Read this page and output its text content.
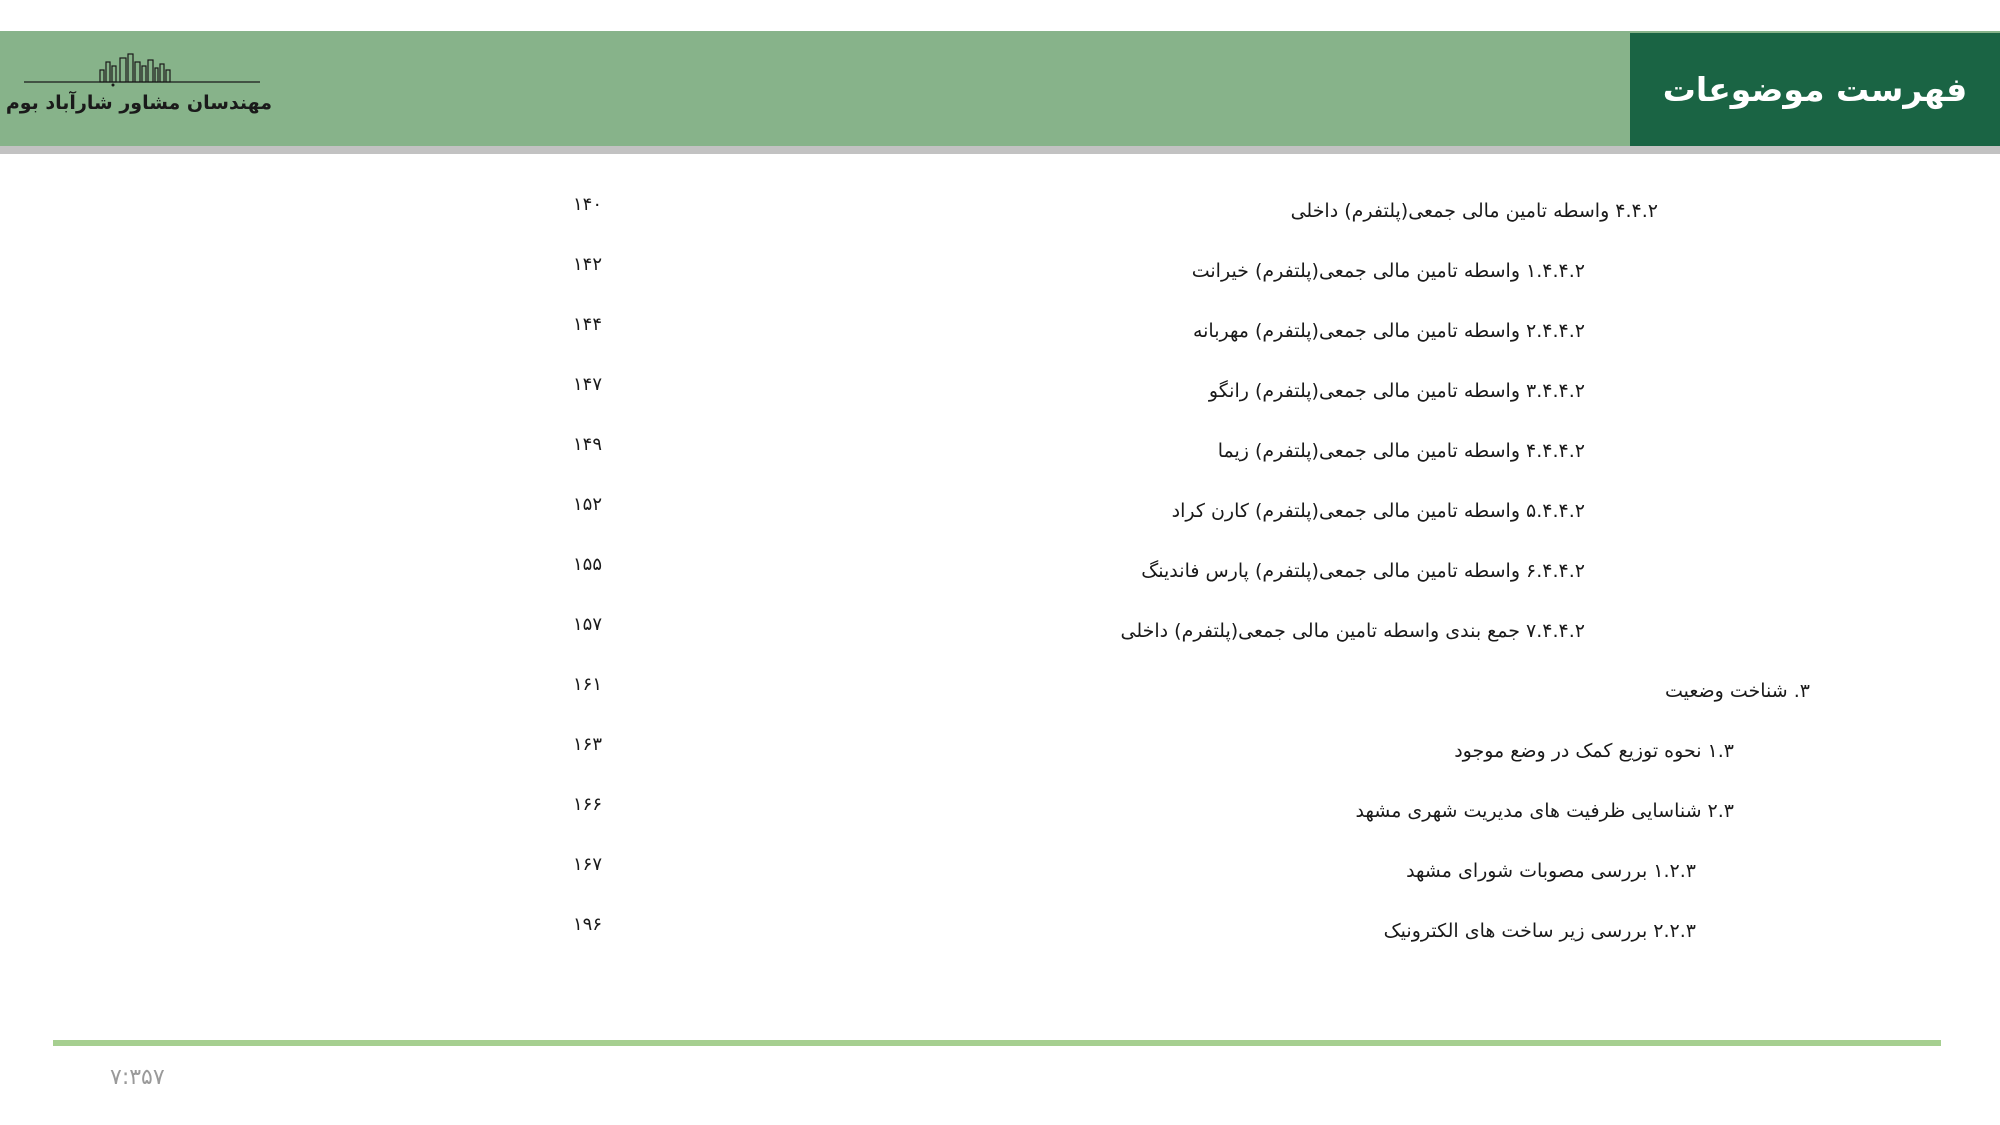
فهرست موضوعات
مهندسان مشاور شارآباد بوم
۴.۴.۲ واسطه تامین مالی جمعی(پلتفرم) داخلی
۱۴۰
۱.۴.۴.۲ واسطه تامین مالی جمعی(پلتفرم) خیرانت
۱۴۲
۲.۴.۴.۲ واسطه تامین مالی جمعی(پلتفرم) مهربانه
۱۴۴
۳.۴.۴.۲ واسطه تامین مالی جمعی(پلتفرم) رانگو
۱۴۷
۴.۴.۴.۲ واسطه تامین مالی جمعی(پلتفرم) زیما
۱۴۹
۵.۴.۴.۲ واسطه تامین مالی جمعی(پلتفرم) کارن کراد
۱۵۲
۶.۴.۴.۲ واسطه تامین مالی جمعی(پلتفرم) پارس فاندینگ
۱۵۵
۷.۴.۴.۲ جمع بندی واسطه تامین مالی جمعی(پلتفرم) داخلی
۱۵۷
۳. شناخت وضعیت
۱۶۱
۱.۳ نحوه توزیع کمک در وضع موجود
۱۶۳
۲.۳ شناسایی ظرفیت های مدیریت شهری مشهد
۱۶۶
۱.۲.۳ بررسی مصوبات شورای مشهد
۱۶۷
۲.۲.۳ بررسی زیر ساخت های الکترونیک
۱۹۶
۷:۳۵۷
